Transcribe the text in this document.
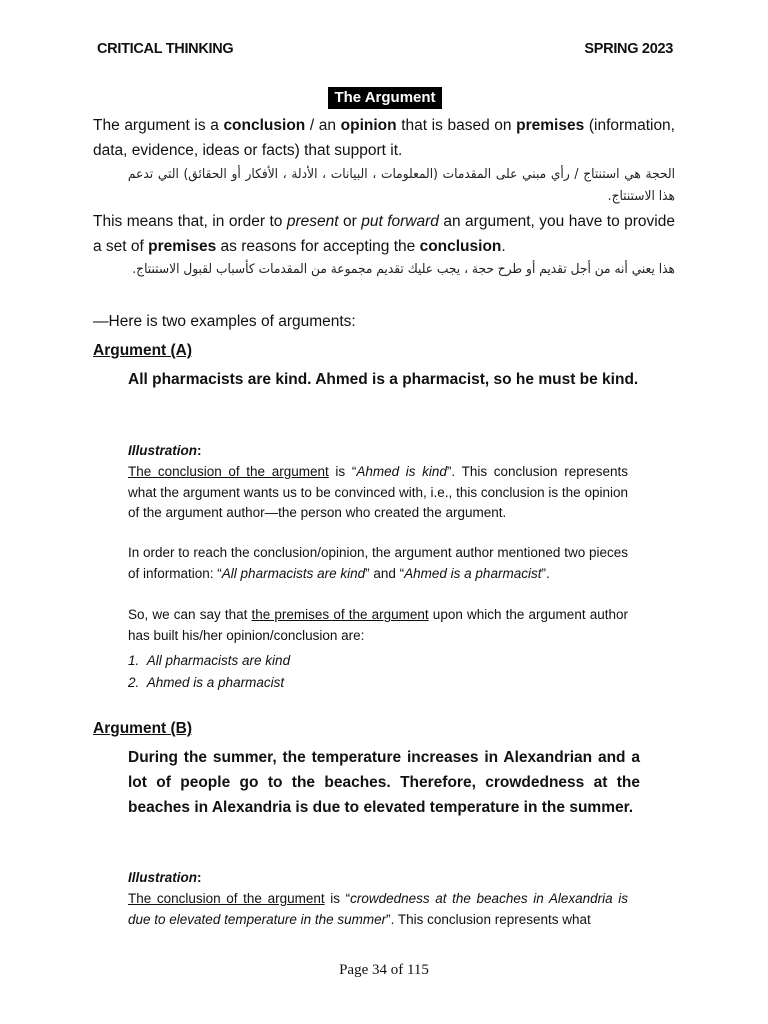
CRITICAL THINKING	SPRING 2023
The Argument

The argument is a conclusion / an opinion that is based on premises (information, data, evidence, ideas or facts) that support it.

الحجة هي استنتاج / رأي مبني على المقدمات (المعلومات ، البيانات ، الأدلة ، الأفكار أو الحقائق) التي تدعم هذا الاستنتاج.

This means that, in order to present or put forward an argument, you have to provide a set of premises as reasons for accepting the conclusion.

هذا يعني أنه من أجل تقديم أو طرح حجة ، يجب عليك تقديم مجموعة من المقدمات كأسباب لقبول الاستنتاج.

—Here is two examples of arguments:
Argument (A)
All pharmacists are kind. Ahmed is a pharmacist, so he must be kind.
Illustration:
The conclusion of the argument is “Ahmed is kind”. This conclusion represents what the argument wants us to be convinced with, i.e., this conclusion is the opinion of the argument author—the person who created the argument.
In order to reach the conclusion/opinion, the argument author mentioned two pieces of information: “All pharmacists are kind” and “Ahmed is a pharmacist”.
So, we can say that the premises of the argument upon which the argument author has built his/her opinion/conclusion are:
1.  All pharmacists are kind
2.  Ahmed is a pharmacist
Argument (B)
During the summer, the temperature increases in Alexandrian and a lot of people go to the beaches. Therefore, crowdedness at the beaches in Alexandria is due to elevated temperature in the summer.
Illustration:
The conclusion of the argument is “crowdedness at the beaches in Alexandria is due to elevated temperature in the summer”. This conclusion represents what
Page 34 of 115
